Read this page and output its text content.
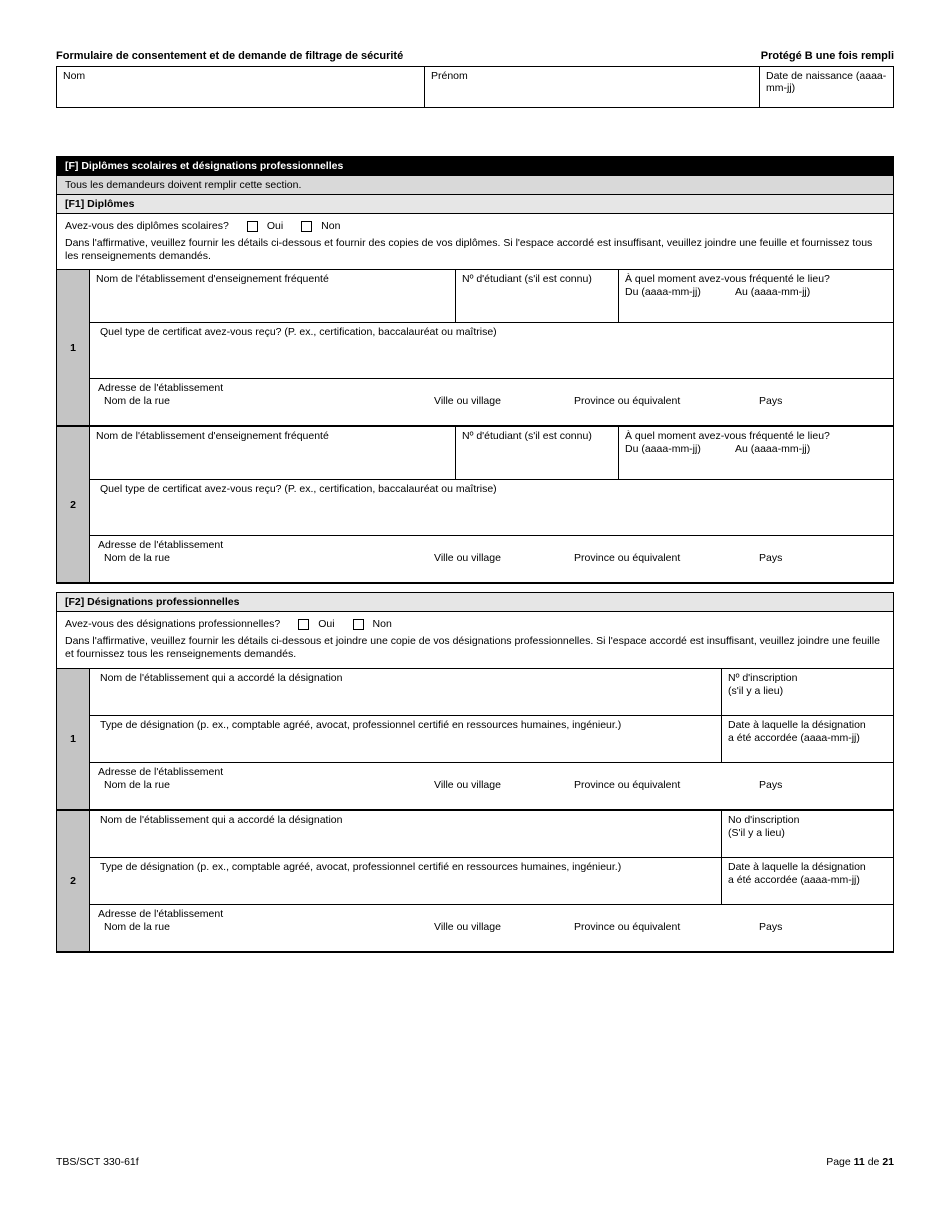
Formulaire de consentement et de demande de filtrage de sécurité	Protégé B une fois rempli
Nom	Prénom	Date de naissance (aaaa-mm-jj)
[F] Diplômes scolaires et désignations professionnelles
Tous les demandeurs doivent remplir cette section.
[F1] Diplômes
Avez-vous des diplômes scolaires?	Oui	Non
Dans l'affirmative, veuillez fournir les détails ci-dessous et fournir des copies de vos diplômes. Si l'espace accordé est insuffisant, veuillez joindre une feuille et fournissez tous les renseignements demandés.
1
Nom de l'établissement d'enseignement fréquenté	Nº d'étudiant (s'il est connu)	À quel moment avez-vous fréquenté le lieu?
Du (aaaa-mm-jj)	Au (aaaa-mm-jj)
Quel type de certificat avez-vous reçu? (P. ex., certification, baccalauréat ou maîtrise)
Adresse de l'établissement
Nom de la rue	Ville ou village	Province ou équivalent	Pays
2
Nom de l'établissement d'enseignement fréquenté	Nº d'étudiant (s'il est connu)	À quel moment avez-vous fréquenté le lieu?
Du (aaaa-mm-jj)	Au (aaaa-mm-jj)
Quel type de certificat avez-vous reçu? (P. ex., certification, baccalauréat ou maîtrise)
Adresse de l'établissement
Nom de la rue	Ville ou village	Province ou équivalent	Pays
[F2] Désignations professionnelles
Avez-vous des désignations professionnelles?	Oui	Non
Dans l'affirmative, veuillez fournir les détails ci-dessous et joindre une copie de vos désignations professionnelles. Si l'espace accordé est insuffisant, veuillez joindre une feuille et fournissez tous les renseignements demandés.
1
Nom de l'établissement qui a accordé la désignation	Nº d'inscription
(s'il y a lieu)
Type de désignation (p. ex., comptable agréé, avocat, professionnel certifié en ressources humaines, ingénieur.)	Date à laquelle la désignation
a été accordée (aaaa-mm-jj)
Adresse de l'établissement
Nom de la rue	Ville ou village	Province ou équivalent	Pays
2
Nom de l'établissement qui a accordé la désignation	No d'inscription
(S'il y a lieu)
Type de désignation (p. ex., comptable agréé, avocat, professionnel certifié en ressources humaines, ingénieur.)	Date à laquelle la désignation
a été accordée (aaaa-mm-jj)
Adresse de l'établissement
Nom de la rue	Ville ou village	Province ou équivalent	Pays
TBS/SCT 330-61f	Page 11 de 21
